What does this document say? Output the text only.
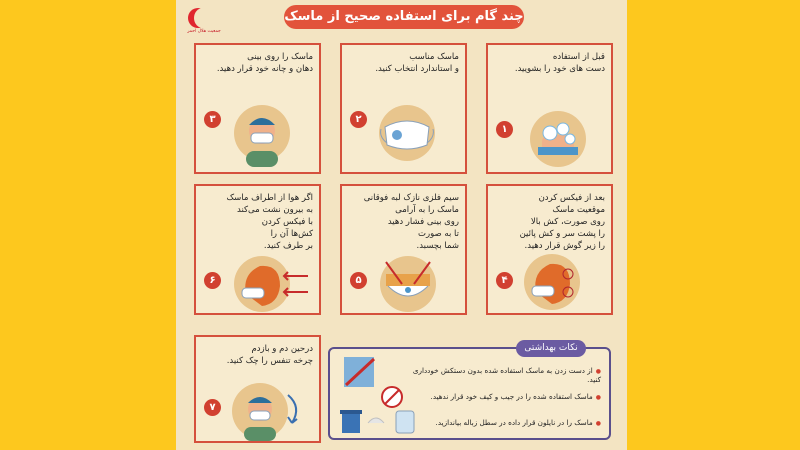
جمعیت هلال احمر
چند گام برای استفاده صحیح از ماسک
قبل از استفاده
دست های خود را بشویید.
۱
ماسک مناسب
و استاندارد انتخاب کنید.
۲
ماسک را روی بینی
دهان و چانه خود قرار دهید.
۳
بعد از فیکس کردن
موقعیت ماسک
روی صورت، کش بالا
را پشت سر و کش پائین
را زیر گوش قرار دهید.
۴
سیم فلزی نازک لبه فوقانی
ماسک را به آرامی
روی بینی فشار دهید
تا به صورت
شما بچسبد.
۵
اگر هوا از اطراف ماسک
به بیرون نشت می‌کند
با فیکس کردن
کش‌ها آن را
بر طرف کنید.
۶
درحین دم و بازدم
چرخه تنفس را چک کنید.
۷
نکات بهداشتی
● از دست زدن به ماسک استفاده شده بدون دستکش خودداری کنید.
● ماسک استفاده شده را در جیب و کیف خود قرار ندهید.
● ماسک را در نایلون قرار داده در سطل زباله بیاندازید.
